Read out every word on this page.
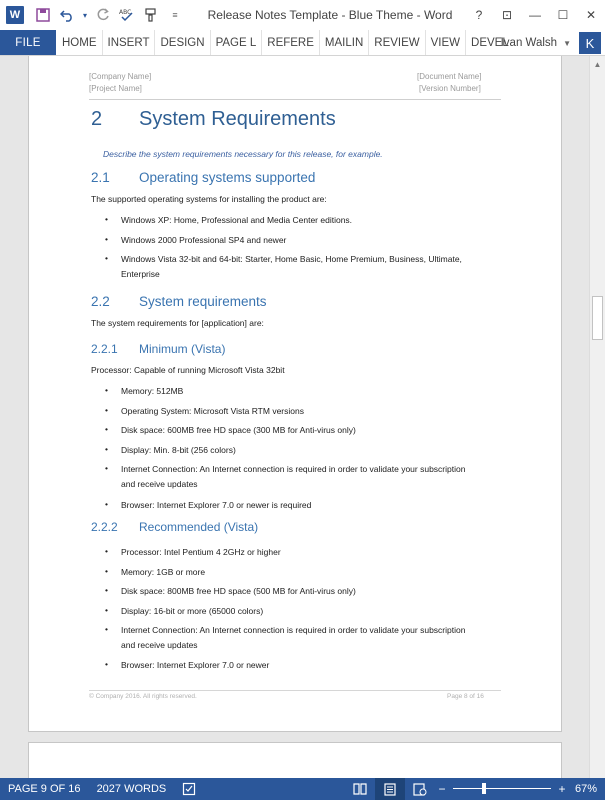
W	▾	ABC	≡	Release Notes Template - Blue Theme - Word	?	⊡	—	☐	✕
FILE	HOME INSERT DESIGN PAGE L REFERE MAILIN REVIEW VIEW DEVEL
Ivan Walsh ▼	K
[Company Name]
[Project Name]
[Document Name]
[Version Number]
2 System Requirements
Describe the system requirements necessary for this release, for example.
2.1 Operating systems supported
The supported operating systems for installing the product are:
• Windows XP: Home, Professional and Media Center editions.
• Windows 2000 Professional SP4 and newer
• Windows Vista 32-bit and 64-bit: Starter, Home Basic, Home Premium, Business, Ultimate, Enterprise
2.2 System requirements
The system requirements for [application] are:
2.2.1 Minimum (Vista)
Processor: Capable of running Microsoft Vista 32bit
• Memory: 512MB
• Operating System: Microsoft Vista RTM versions
• Disk space: 600MB free HD space (300 MB for Anti-virus only)
• Display: Min. 8-bit (256 colors)
• Internet Connection: An Internet connection is required in order to validate your subscription and receive updates
• Browser: Internet Explorer 7.0 or newer is required
2.2.2 Recommended (Vista)
• Processor: Intel Pentium 4 2GHz or higher
• Memory: 1GB or more
• Disk space: 800MB free HD space (500 MB for Anti-virus only)
• Display: 16-bit or more (65000 colors)
• Internet Connection: An Internet connection is required in order to validate your subscription and receive updates
• Browser: Internet Explorer 7.0 or newer
© Company 2016. All rights reserved.	Page 8 of 16
▲
PAGE 9 OF 16	2027 WORDS	−	+ 67%
